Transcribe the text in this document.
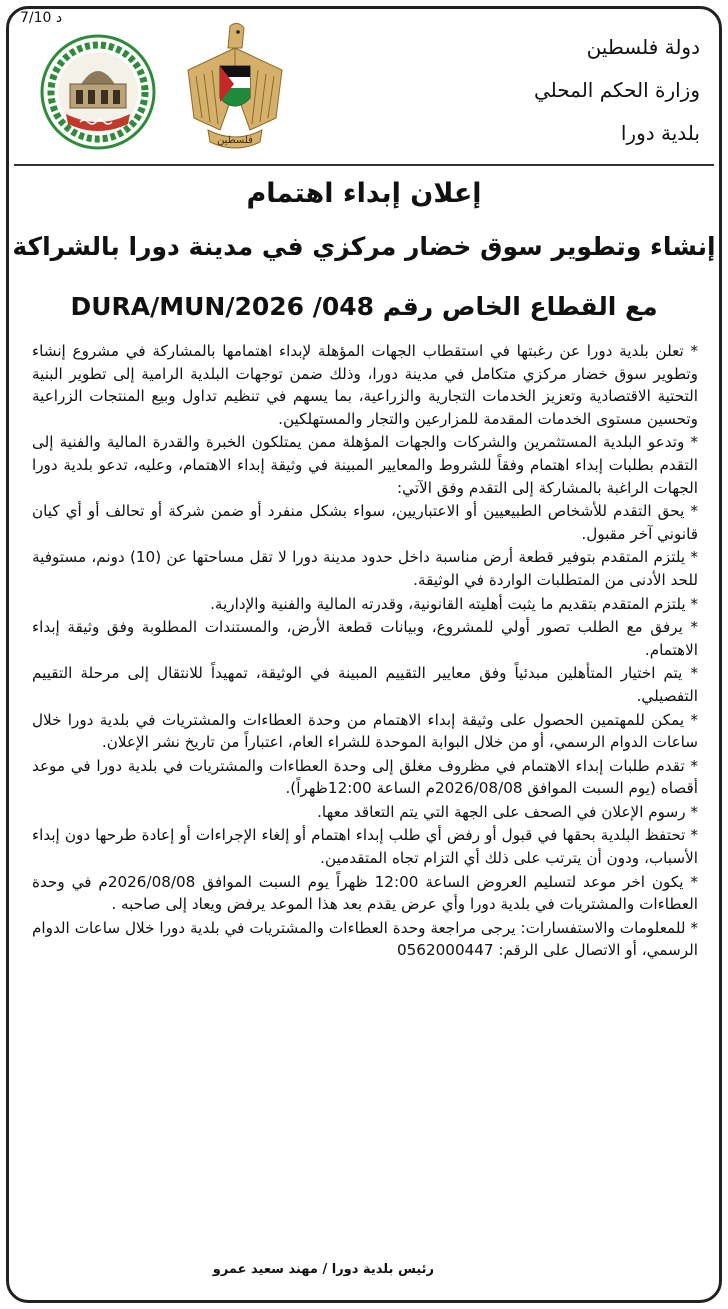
7/10 د
دولة فلسطين
وزارة الحكم المحلي
بلدية دورا
فلسطين
إعلان إبداء اهتمام
إنشاء وتطوير سوق خضار مركزي في مدينة دورا بالشراكة
مع القطاع الخاص رقم 048/ DURA/MUN/2026

* تعلن بلدية دورا عن رغبتها في استقطاب الجهات المؤهلة لإبداء اهتمامها بالمشاركة في مشروع إنشاء وتطوير سوق خضار مركزي متكامل في مدينة دورا، وذلك ضمن توجهات البلدية الرامية إلى تطوير البنية التحتية الاقتصادية وتعزيز الخدمات التجارية والزراعية، بما يسهم في تنظيم تداول وبيع المنتجات الزراعية وتحسين مستوى الخدمات المقدمة للمزارعين والتجار والمستهلكين.

* وتدعو البلدية المستثمرين والشركات والجهات المؤهلة ممن يمتلكون الخبرة والقدرة المالية والفنية إلى التقدم بطلبات إبداء اهتمام وفقاً للشروط والمعايير المبينة في وثيقة إبداء الاهتمام، وعليه، تدعو بلدية دورا الجهات الراغبة بالمشاركة إلى التقدم وفق الآتي:

* يحق التقدم للأشخاص الطبيعيين أو الاعتباريين، سواء بشكل منفرد أو ضمن شركة أو تحالف أو أي كيان قانوني آخر مقبول.

* يلتزم المتقدم بتوفير قطعة أرض مناسبة داخل حدود مدينة دورا لا تقل مساحتها عن (10) دونم، مستوفية للحد الأدنى من المتطلبات الواردة في الوثيقة.

* يلتزم المتقدم بتقديم ما يثبت أهليته القانونية، وقدرته المالية والفنية والإدارية.

* يرفق مع الطلب تصور أولي للمشروع، وبيانات قطعة الأرض، والمستندات المطلوبة وفق وثيقة إبداء الاهتمام.

* يتم اختيار المتأهلين مبدئياً وفق معايير التقييم المبينة في الوثيقة، تمهيداً للانتقال إلى مرحلة التقييم التفصيلي.

* يمكن للمهتمين الحصول على وثيقة إبداء الاهتمام من وحدة العطاءات والمشتريات في بلدية دورا خلال ساعات الدوام الرسمي، أو من خلال البوابة الموحدة للشراء العام، اعتباراً من تاريخ نشر الإعلان.

* تقدم طلبات إبداء الاهتمام في مظروف مغلق إلى وحدة العطاءات والمشتريات في بلدية دورا في موعد أقصاه (يوم السبت الموافق 2026/08/08م الساعة 12:00ظهراً).

* رسوم الإعلان في الصحف على الجهة التي يتم التعاقد معها.

* تحتفظ البلدية بحقها في قبول أو رفض أي طلب إبداء اهتمام أو إلغاء الإجراءات أو إعادة طرحها دون إبداء الأسباب، ودون أن يترتب على ذلك أي التزام تجاه المتقدمين.

* يكون اخر موعد لتسليم العروض الساعة 12:00 ظهراً يوم السبت الموافق 2026/08/08م في وحدة العطاءات والمشتريات في بلدية دورا وأي عرض يقدم بعد هذا الموعد يرفض ويعاد إلى صاحبه .

* للمعلومات والاستفسارات: يرجى مراجعة وحدة العطاءات والمشتريات في بلدية دورا خلال ساعات الدوام الرسمي، أو الاتصال على الرقم: 0562000447

رئيس بلدية دورا / مهند سعيد عمرو
